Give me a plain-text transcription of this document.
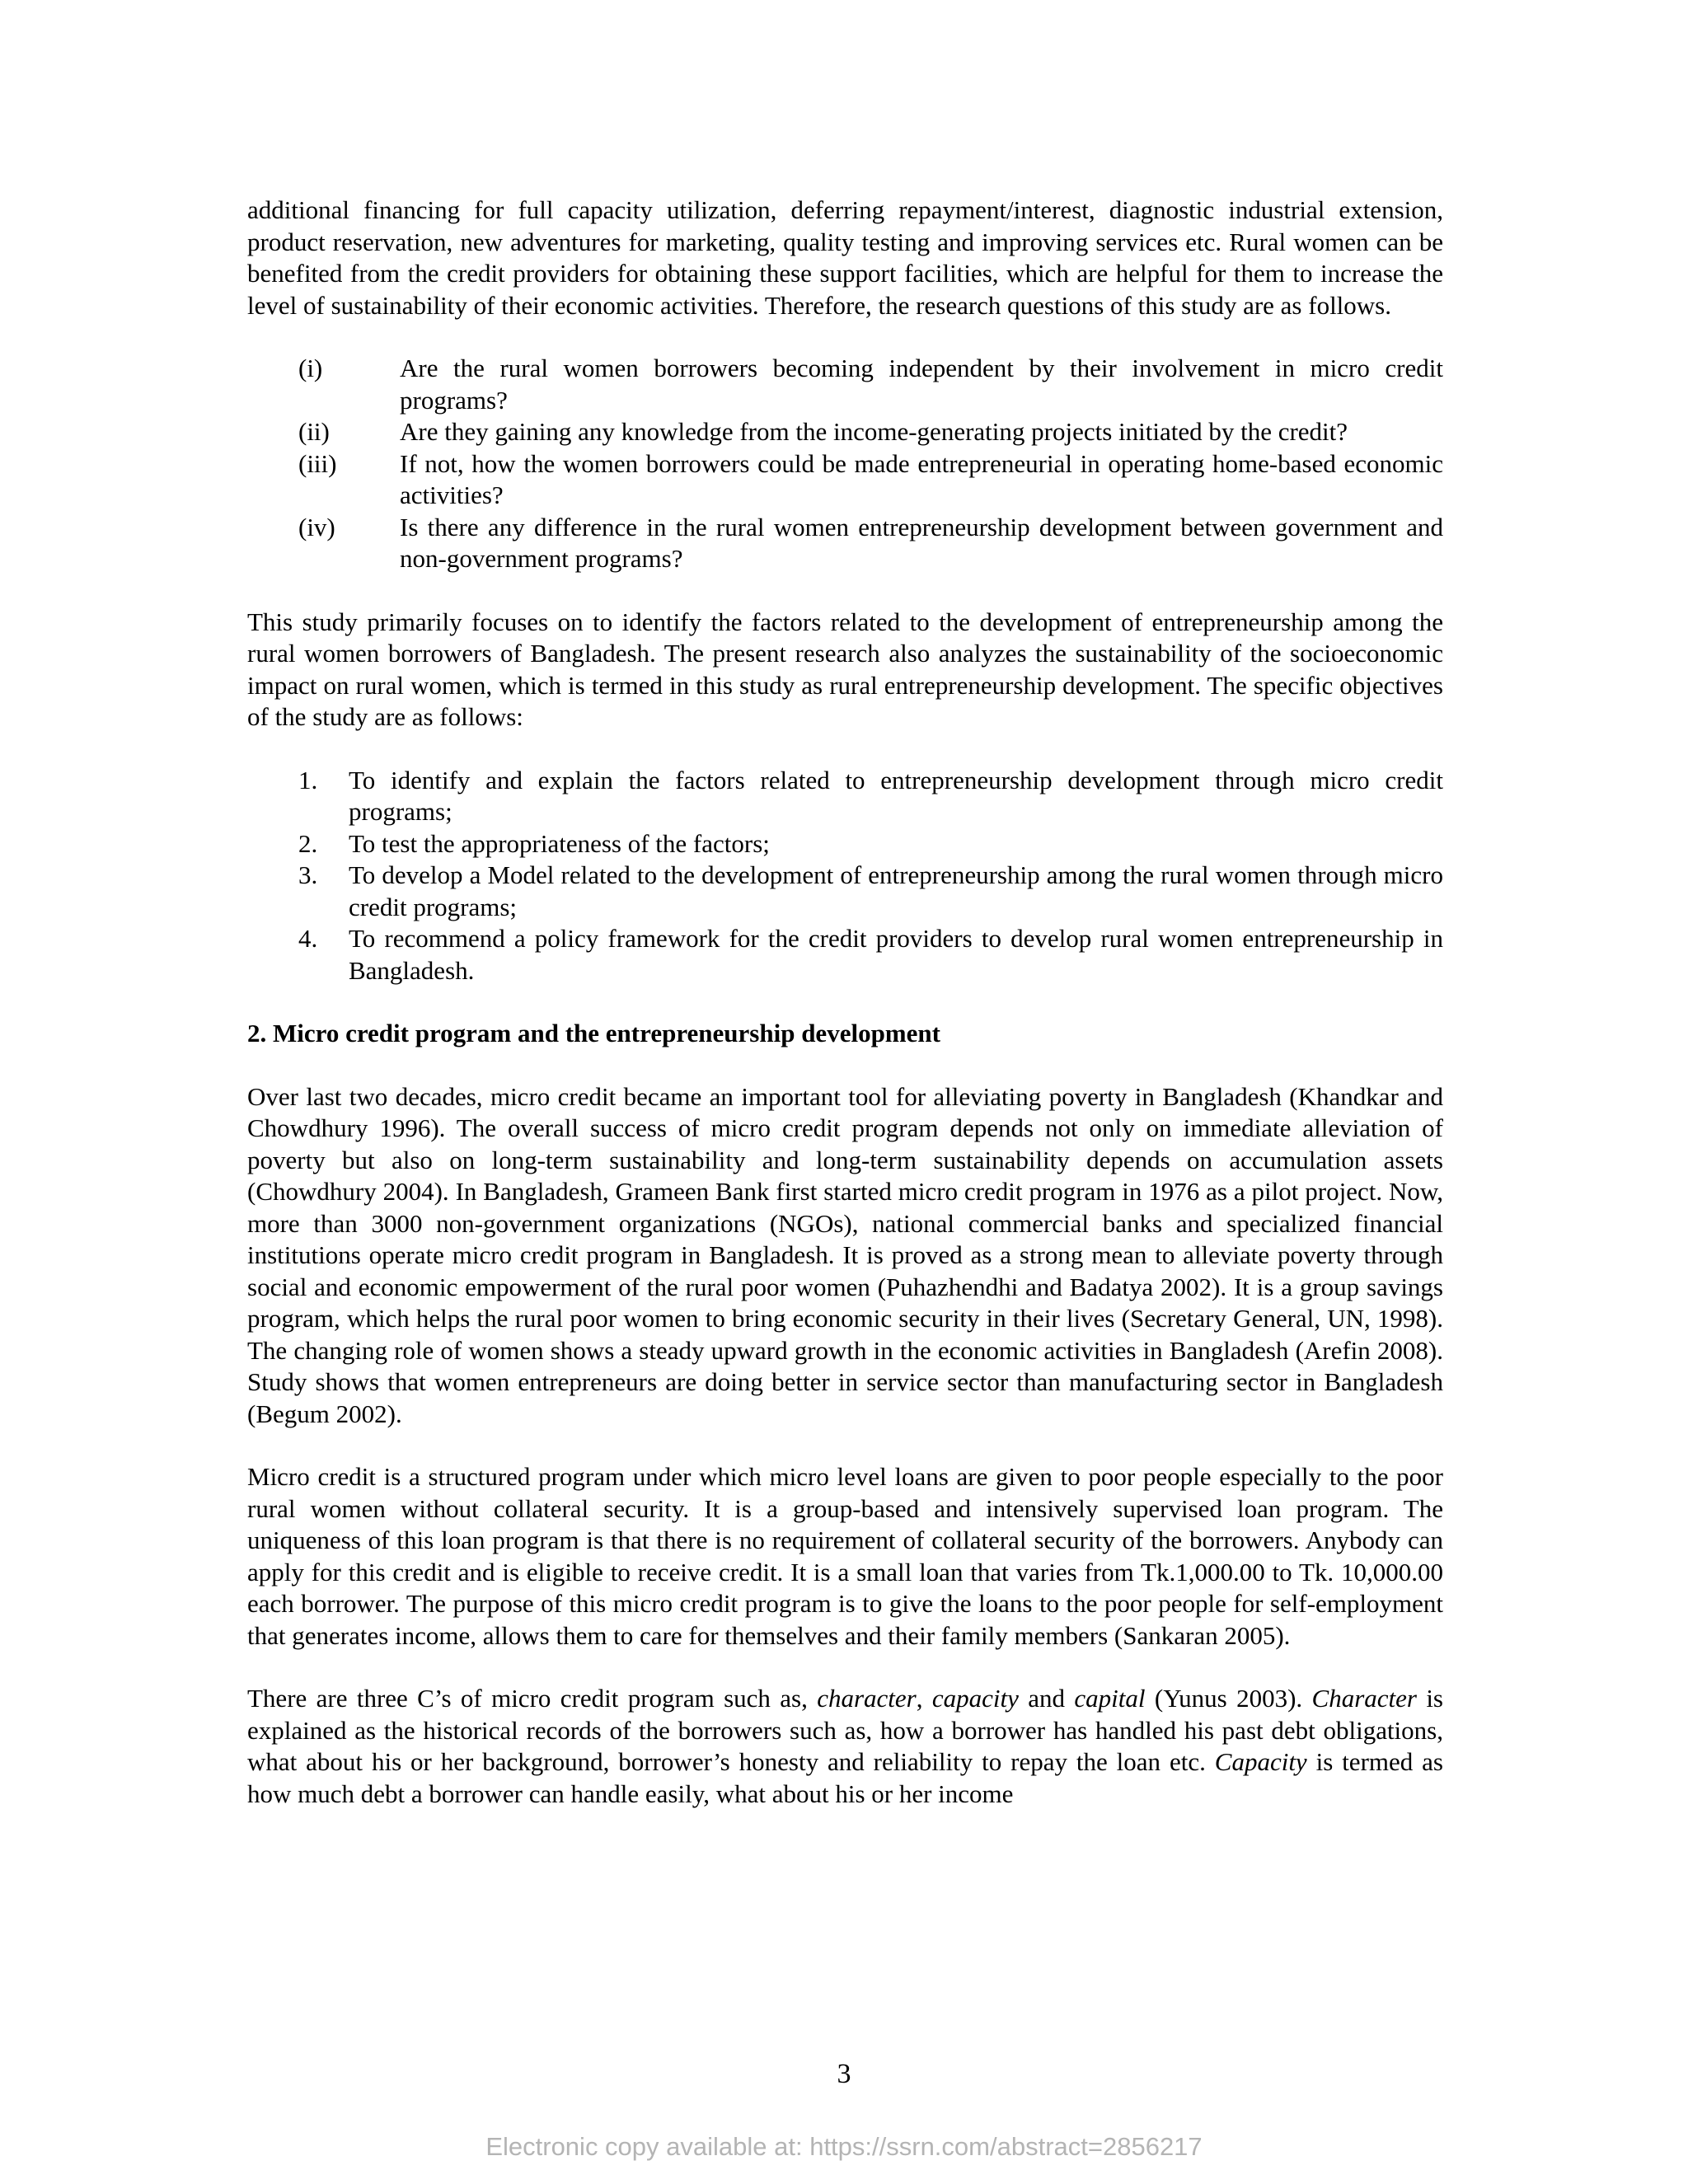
additional financing for full capacity utilization, deferring repayment/interest, diagnostic industrial extension, product reservation, new adventures for marketing, quality testing and improving services etc. Rural women can be benefited from the credit providers for obtaining these support facilities, which are helpful for them to increase the level of sustainability of their economic activities. Therefore, the research questions of this study are as follows.

(i)	Are the rural women borrowers becoming independent by their involvement in micro credit programs?
(ii)	Are they gaining any knowledge from the income-generating projects initiated by the credit?
(iii) If not, how the women borrowers could be made entrepreneurial in operating home-based economic activities?
(iv)	Is there any difference in the rural women entrepreneurship development between government and non-government programs?

This study primarily focuses on to identify the factors related to the development of entrepreneurship among the rural women borrowers of Bangladesh. The present research also analyzes the sustainability of the socioeconomic impact on rural women, which is termed in this study as rural entrepreneurship development. The specific objectives of the study are as follows:

1. To identify and explain the factors related to entrepreneurship development through micro credit programs;
2. To test the appropriateness of the factors;
3. To develop a Model related to the development of entrepreneurship among the rural women through micro credit programs;
4. To recommend a policy framework for the credit providers to develop rural women entrepreneurship in Bangladesh.
2. Micro credit program and the entrepreneurship development

Over last two decades, micro credit became an important tool for alleviating poverty in Bangladesh (Khandkar and Chowdhury 1996). The overall success of micro credit program depends not only on immediate alleviation of poverty but also on long-term sustainability and long-term sustainability depends on accumulation assets (Chowdhury 2004). In Bangladesh, Grameen Bank first started micro credit program in 1976 as a pilot project. Now, more than 3000 non-government organizations (NGOs), national commercial banks and specialized financial institutions operate micro credit program in Bangladesh. It is proved as a strong mean to alleviate poverty through social and economic empowerment of the rural poor women (Puhazhendhi and Badatya 2002). It is a group savings program, which helps the rural poor women to bring economic security in their lives (Secretary General, UN, 1998). The changing role of women shows a steady upward growth in the economic activities in Bangladesh (Arefin 2008). Study shows that women entrepreneurs are doing better in service sector than manufacturing sector in Bangladesh (Begum 2002).

Micro credit is a structured program under which micro level loans are given to poor people especially to the poor rural women without collateral security. It is a group-based and intensively supervised loan program. The uniqueness of this loan program is that there is no requirement of collateral security of the borrowers. Anybody can apply for this credit and is eligible to receive credit. It is a small loan that varies from Tk.1,000.00 to Tk. 10,000.00 each borrower. The purpose of this micro credit program is to give the loans to the poor people for self-employment that generates income, allows them to care for themselves and their family members (Sankaran 2005).

There are three C’s of micro credit program such as, character, capacity and capital (Yunus 2003). Character is explained as the historical records of the borrowers such as, how a borrower has handled his past debt obligations, what about his or her background, borrower’s honesty and reliability to repay the loan etc. Capacity is termed as how much debt a borrower can handle easily, what about his or her income

3
Electronic copy available at: https://ssrn.com/abstract=2856217
